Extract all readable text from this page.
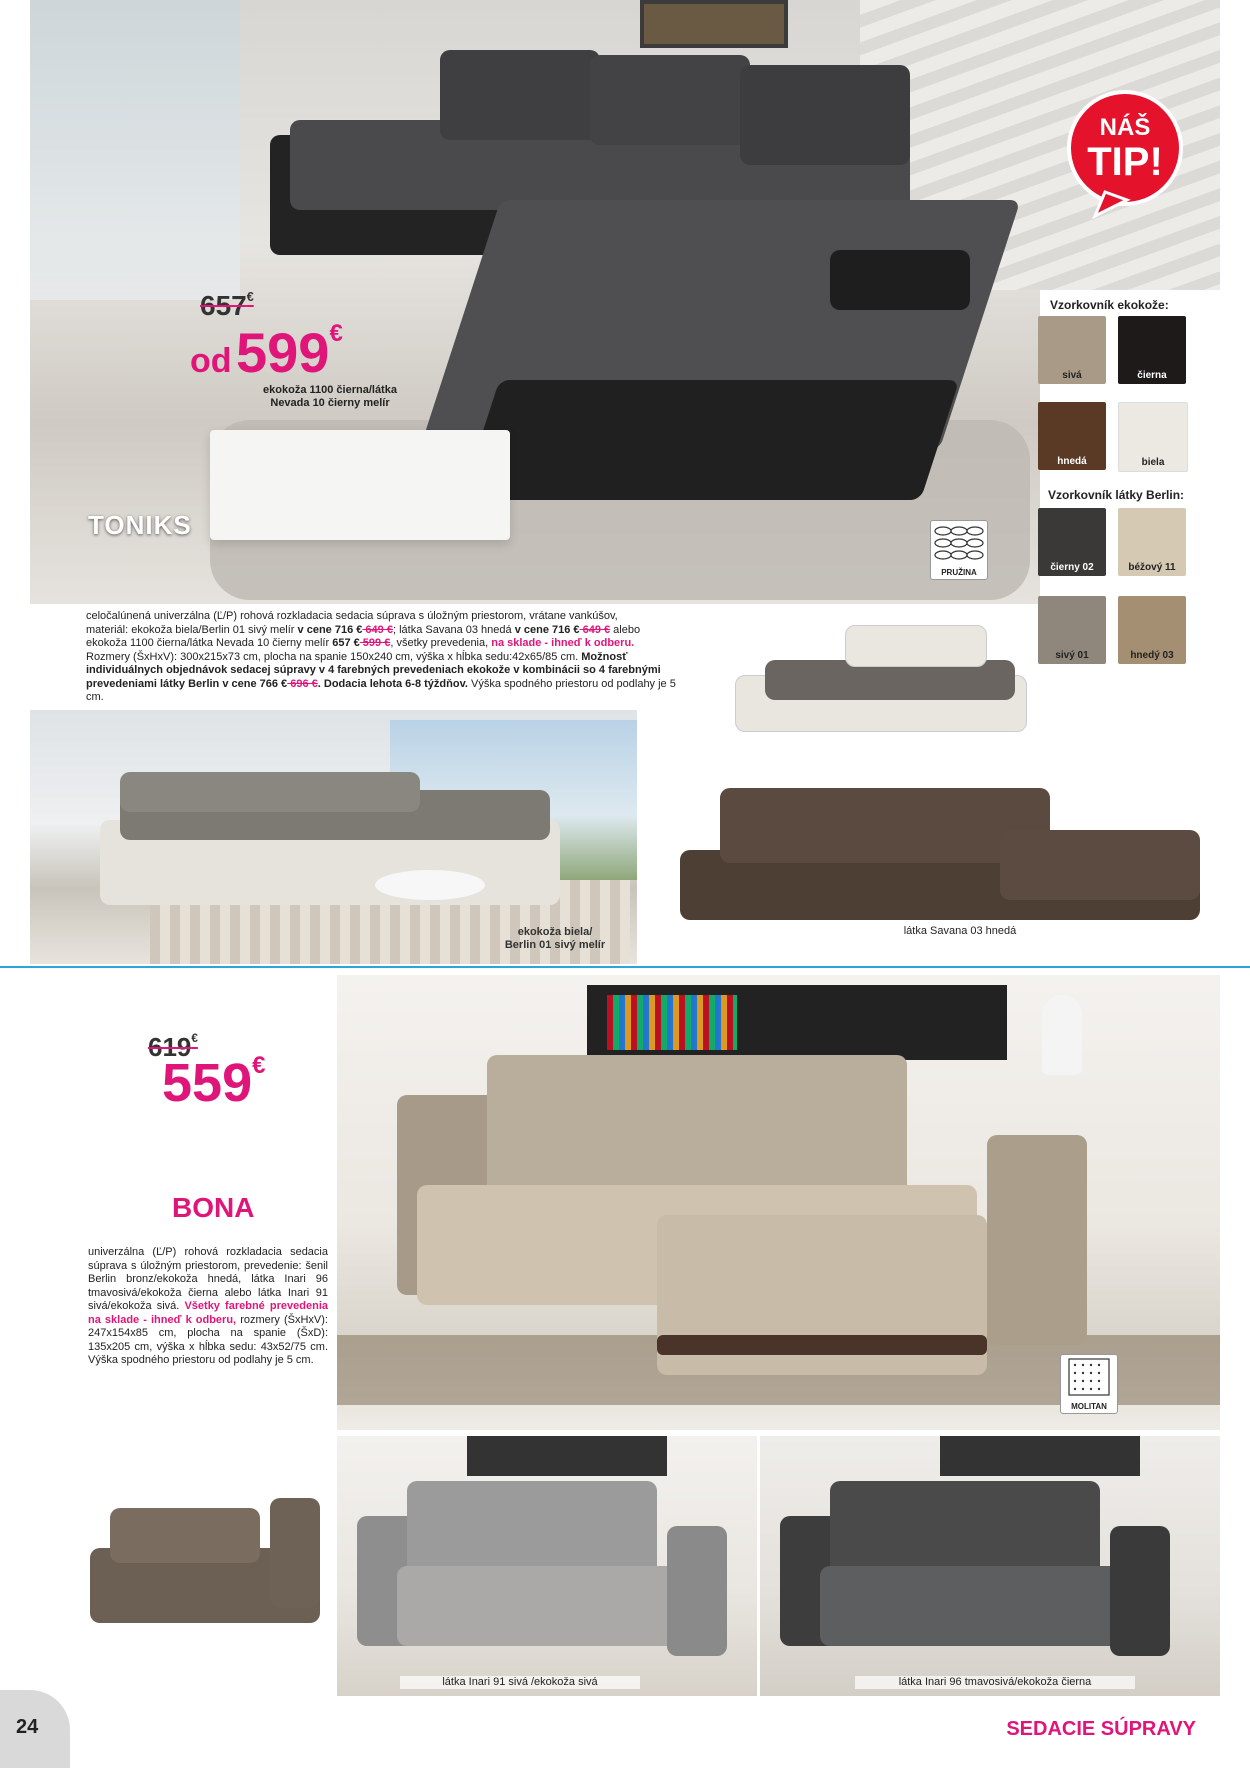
TONIKS
PRUŽINA
NÁŠ
TIP!
657€
od 599€
ekokoža 1100 čierna/látka
Nevada 10 čierny melír
Vzorkovník ekokože:
Vzorkovník látky Berlin:
sivá	čierna
hnedá	biela
čierny 02	béžový 11
sivý 01	hnedý 03
celočalúnená univerzálna (Ľ/P) rohová rozkladacia sedacia súprava s úložným priestorom, vrátane vankúšov,
materiál: ekokoža biela/Berlin 01 sivý melír v cene 716 € 649 €; látka Savana 03 hnedá v cene 716 € 649 € alebo
ekokoža 1100 čierna/látka Nevada 10 čierny melír 657 € 599 €, všetky prevedenia, na sklade - ihneď k odberu.
Rozmery (ŠxHxV): 300x215x73 cm, plocha na spanie 150x240 cm, výška x hĺbka sedu:42x65/85 cm. Možnosť
individuálnych objednávok sedacej súpravy v 4 farebných prevedeniach ekokože v kombinácii so 4 farebnými
prevedeniami látky Berlin v cene 766 € 696 €. Dodacia lehota 6-8 týždňov. Výška spodného priestoru od podlahy je 5 cm.
ekokoža biela/
Berlin 01 sivý melír
látka Savana 03 hnedá
619€
559€
BONA
univerzálna (Ľ/P) rohová rozkladacia sedacia súprava s úložným priestorom, prevedenie: šenil Berlin bronz/ekokoža hnedá, látka Inari 96 tmavosivá/ekokoža čierna alebo látka Inari 91 sivá/ekokoža sivá. Všetky farebné prevedenia na sklade - ihneď k odberu, rozmery (ŠxHxV): 247x154x85 cm, plocha na spanie (ŠxD): 135x205 cm, výška x hĺbka sedu: 43x52/75 cm. Výška spodného priestoru od podlahy je 5 cm.
šenil Berlin bronz/ekokoža hnedá
MOLITAN
látka Inari 91 sivá /ekokoža sivá	látka Inari 96 tmavosivá/ekokoža čierna
24	SEDACIE SÚPRAVY
